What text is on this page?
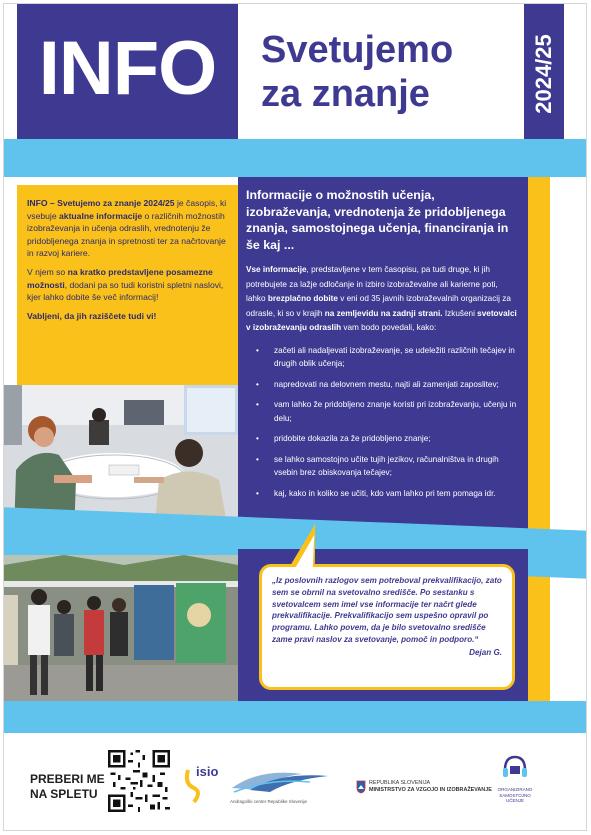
INFO	Svetujemo
za znanje	2024/25

INFO – Svetujemo za znanje 2024/25 je časopis, ki vsebuje aktualne informacije o različnih možnostih izobraževanja in učenja odraslih, vrednotenju že pridobljenega znanja in spretnosti ter za načrtovanje in razvoj kariere.

V njem so na kratko predstavljene posamezne možnosti, dodani pa so tudi koristni spletni naslovi, kjer lahko dobite še več informacij!

Vabljeni, da jih raziščete tudi vi!

Informacije o možnostih učenja, izobraževanja, vrednotenja že pridobljenega znanja, samostojnega učenja, financiranja in še kaj ...

Vse informacije, predstavljene v tem časopisu, pa tudi druge, ki jih potrebujete za lažje odločanje in izbiro izobraževalne ali karierne poti, lahko brezplačno dobite v eni od 35 javnih izobraževalnih organizacij za odrasle, ki so v krajih na zemljevidu na zadnji strani. Izkušeni svetovalci v izobraževanju odraslih vam bodo povedali, kako:

• začeti ali nadaljevati izobraževanje, se udeležiti različnih tečajev in drugih oblik učenja;
• napredovati na delovnem mestu, najti ali zamenjati zaposlitev;
• vam lahko že pridobljeno znanje koristi pri izobraževanju, učenju in delu;
• pridobite dokazila za že pridobljeno znanje;
• se lahko samostojno učite tujih jezikov, računalništva in drugih vsebin brez obiskovanja tečajev;
• kaj, kako in koliko se učiti, kdo vam lahko pri tem pomaga idr.

„Iz poslovnih razlogov sem potreboval prekvalifikacijo, zato sem se obrnil na svetovalno središče. Po sestanku s svetovalcem sem imel vse informacije ter načrt glede prekvalifikacije. Prekvalifikacijo sem uspešno opravil po programu. Lahko povem, da je bilo svetovalno središče zame pravi naslov za svetovanje, pomoč in podporo.“

Dejan G.

PREBERI ME
NA SPLETU
isio
Andragoški center Republike Slovenije
REPUBLIKA SLOVENIJA
MINISTRSTVO ZA VZGOJO IN IZOBRAŽEVANJE	ORGANIZIRANO
SAMOSTOJNO
UČENJE
